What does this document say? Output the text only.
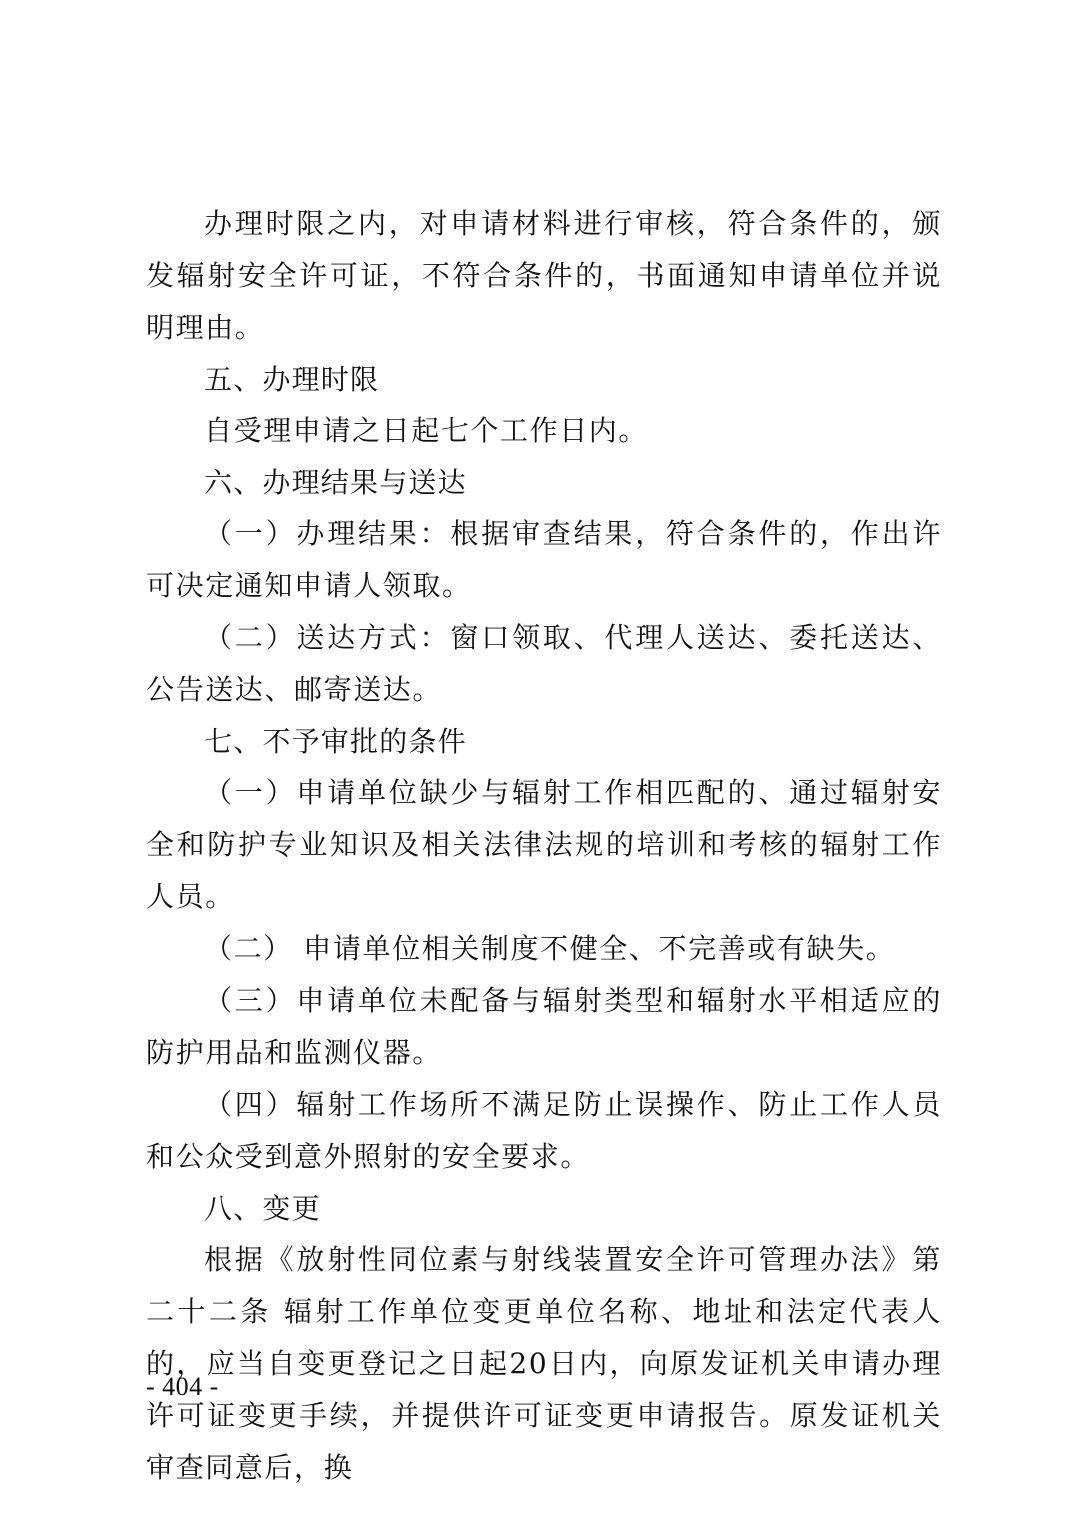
办理时限之内，对申请材料进行审核，符合条件的，颁发辐射安全许可证，不符合条件的，书面通知申请单位并说明理由。

五、办理时限

自受理申请之日起七个工作日内。

六、办理结果与送达

（一）办理结果：根据审查结果，符合条件的，作出许可决定通知申请人领取。

（二）送达方式：窗口领取、代理人送达、委托送达、公告送达、邮寄送达。

七、不予审批的条件

（一）申请单位缺少与辐射工作相匹配的、通过辐射安全和防护专业知识及相关法律法规的培训和考核的辐射工作人员。

（二） 申请单位相关制度不健全、不完善或有缺失。

（三）申请单位未配备与辐射类型和辐射水平相适应的防护用品和监测仪器。

（四）辐射工作场所不满足防止误操作、防止工作人员和公众受到意外照射的安全要求。

八、变更

根据《放射性同位素与射线装置安全许可管理办法》第二十二条 辐射工作单位变更单位名称、地址和法定代表人的，应当自变更登记之日起20日内，向原发证机关申请办理许可证变更手续，并提供许可证变更申请报告。原发证机关审查同意后，换

- 404 -
